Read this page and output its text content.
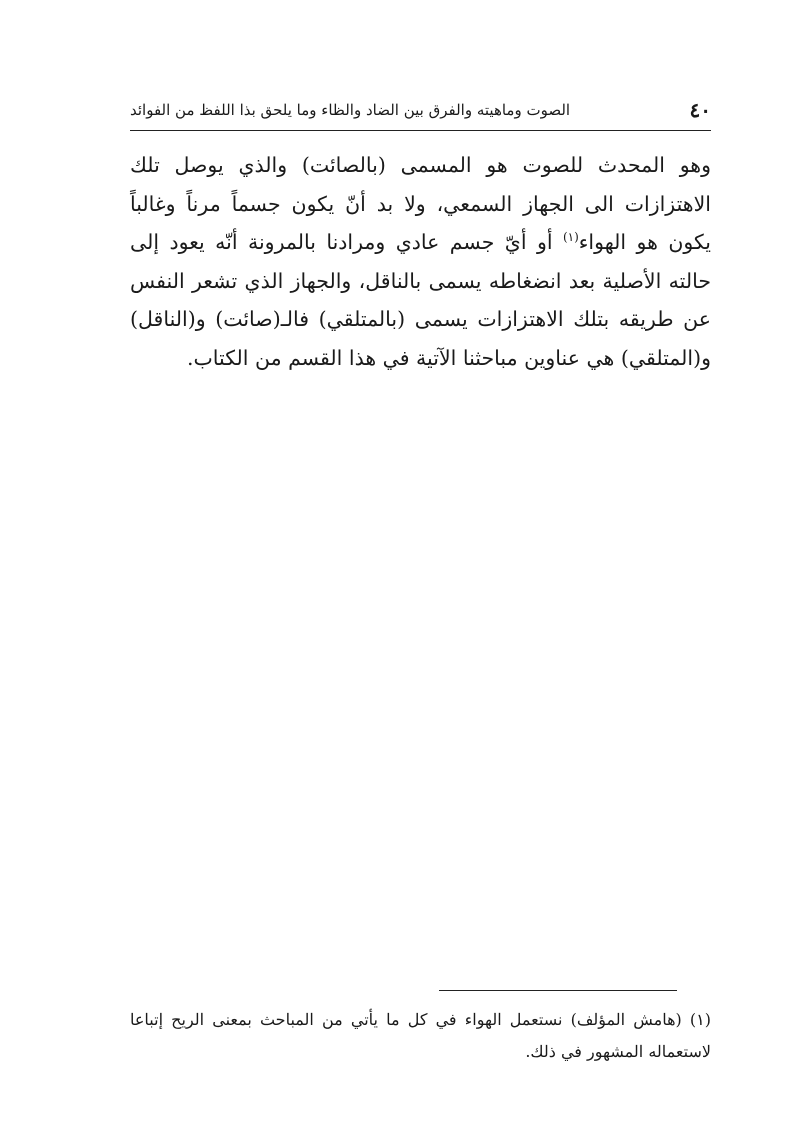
٤٠
الصوت وماهيته والفرق بين الضاد والظاء وما يلحق بذا اللفظ من الفوائد

وهو المحدث للصوت هو المسمى (بالصائت) والذي يوصل تلك الاهتزازات الى الجهاز السمعي، ولا بد أنّ يكون جسماً مرناً وغالباً يكون هو الهواء$^{(١)}$ أو أيّ جسم عادي ومرادنا بالمرونة أنّه يعود إلى حالته الأصلية بعد انضغاطه يسمى بالناقل، والجهاز الذي تشعر النفس عن طريقه بتلك الاهتزازات يسمى (بالمتلقي) فالـ(صائت) و(الناقل) و(المتلقي) هي عناوين مباحثنا الآتية في هذا القسم من الكتاب.

(١) (هامش المؤلف) نستعمل الهواء في كل ما يأتي من المباحث بمعنى الريح إتباعا لاستعماله المشهور في ذلك.
